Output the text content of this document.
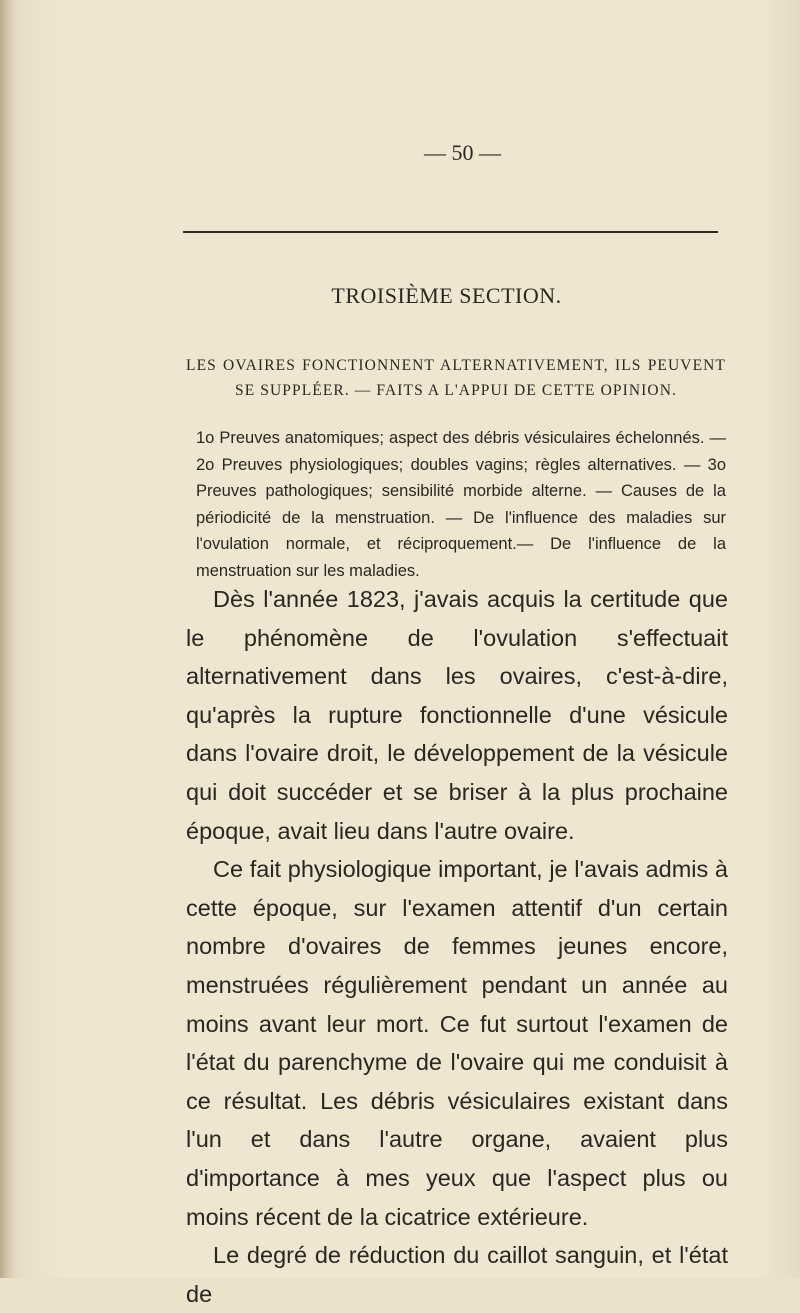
— 50 —
TROISIÈME SECTION.
LES OVAIRES FONCTIONNENT ALTERNATIVEMENT, ILS PEUVENT SE SUPPLÉER. — FAITS A L'APPUI DE CETTE OPINION.
1o Preuves anatomiques; aspect des débris vésiculaires échelonnés. — 2o Preuves physiologiques; doubles vagins; règles alternatives. — 3o Preuves pathologiques; sensibilité morbide alterne. — Causes de la périodicité de la menstruation. — De l'influence des maladies sur l'ovulation normale, et réciproquement.— De l'influence de la menstruation sur les maladies.

Dès l'année 1823, j'avais acquis la certitude que le phénomène de l'ovulation s'effectuait alternativement dans les ovaires, c'est-à-dire, qu'après la rupture fonctionnelle d'une vésicule dans l'ovaire droit, le développement de la vésicule qui doit succéder et se briser à la plus prochaine époque, avait lieu dans l'autre ovaire.

Ce fait physiologique important, je l'avais admis à cette époque, sur l'examen attentif d'un certain nombre d'ovaires de femmes jeunes encore, menstruées régulièrement pendant un année au moins avant leur mort. Ce fut surtout l'examen de l'état du parenchyme de l'ovaire qui me conduisit à ce résultat. Les débris vésiculaires existant dans l'un et dans l'autre organe, avaient plus d'importance à mes yeux que l'aspect plus ou moins récent de la cicatrice extérieure.

Le degré de réduction du caillot sanguin, et l'état de
